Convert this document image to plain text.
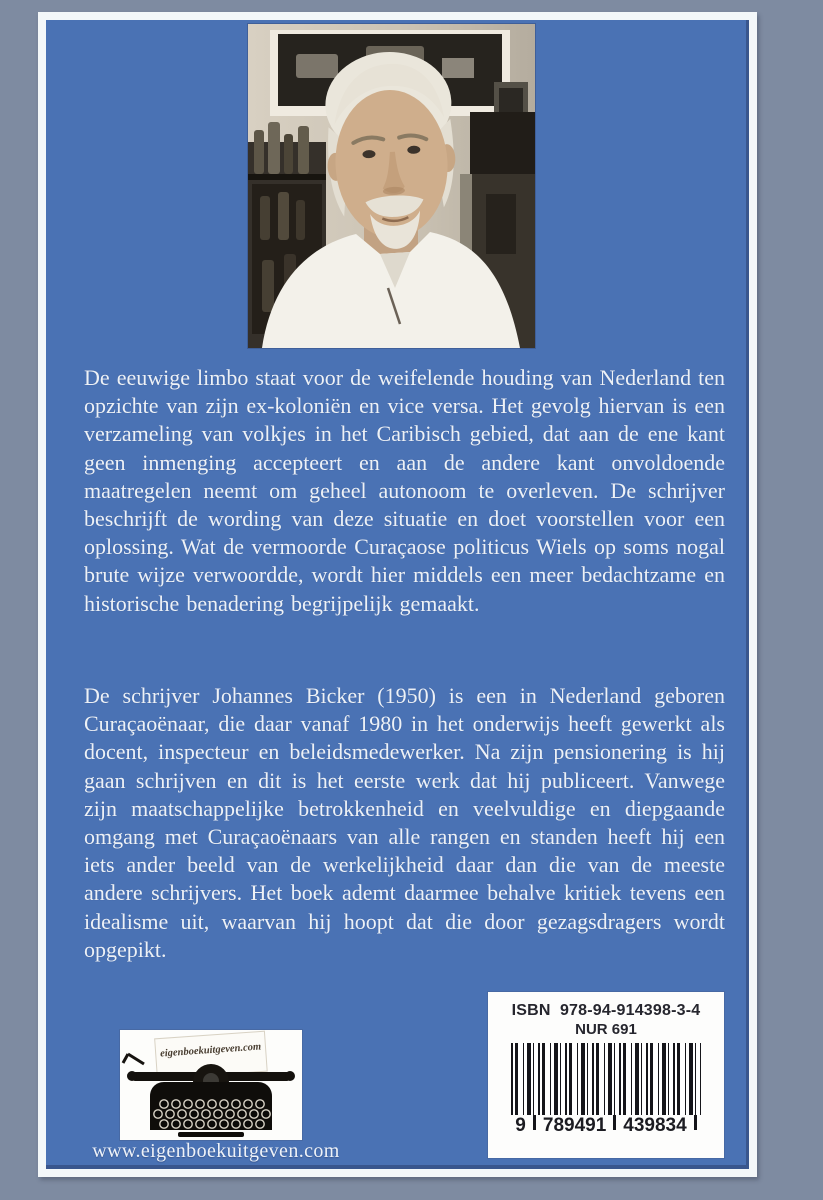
De eeuwige limbo staat voor de weifelende houding van Nederland ten opzichte van zijn ex-koloniën en vice versa. Het gevolg hiervan is een verzameling van volkjes in het Caribisch gebied, dat aan de ene kant geen inmenging accepteert en aan de andere kant onvoldoende maatregelen neemt om geheel autonoom te overleven. De schrijver beschrijft de wording van deze situatie en doet voorstellen voor een oplossing. Wat de vermoorde Curaçaose politicus Wiels op soms nogal brute wijze verwoordde, wordt hier middels een meer bedachtzame en historische benadering begrijpelijk gemaakt.

De schrijver Johannes Bicker (1950) is een in Nederland geboren Curaçaoënaar, die daar vanaf 1980 in het onderwijs heeft gewerkt als docent, inspecteur en beleidsmedewerker. Na zijn pensionering is hij gaan schrijven en dit is het eerste werk dat hij publiceert. Vanwege zijn maatschappelijke betrokkenheid en veelvuldige en diepgaande omgang met Curaçaoënaars van alle rangen en standen heeft hij een iets ander beeld van de werkelijkheid daar dan die van de meeste andere schrijvers. Het boek ademt daarmee behalve kritiek tevens een idealisme uit, waarvan hij hoopt dat die door gezagsdragers wordt opgepikt.

eigenboekuitgeven.com
www.eigenboekuitgeven.com
ISBN  978-94-914398-3-4
NUR 691
9 789491 439834
